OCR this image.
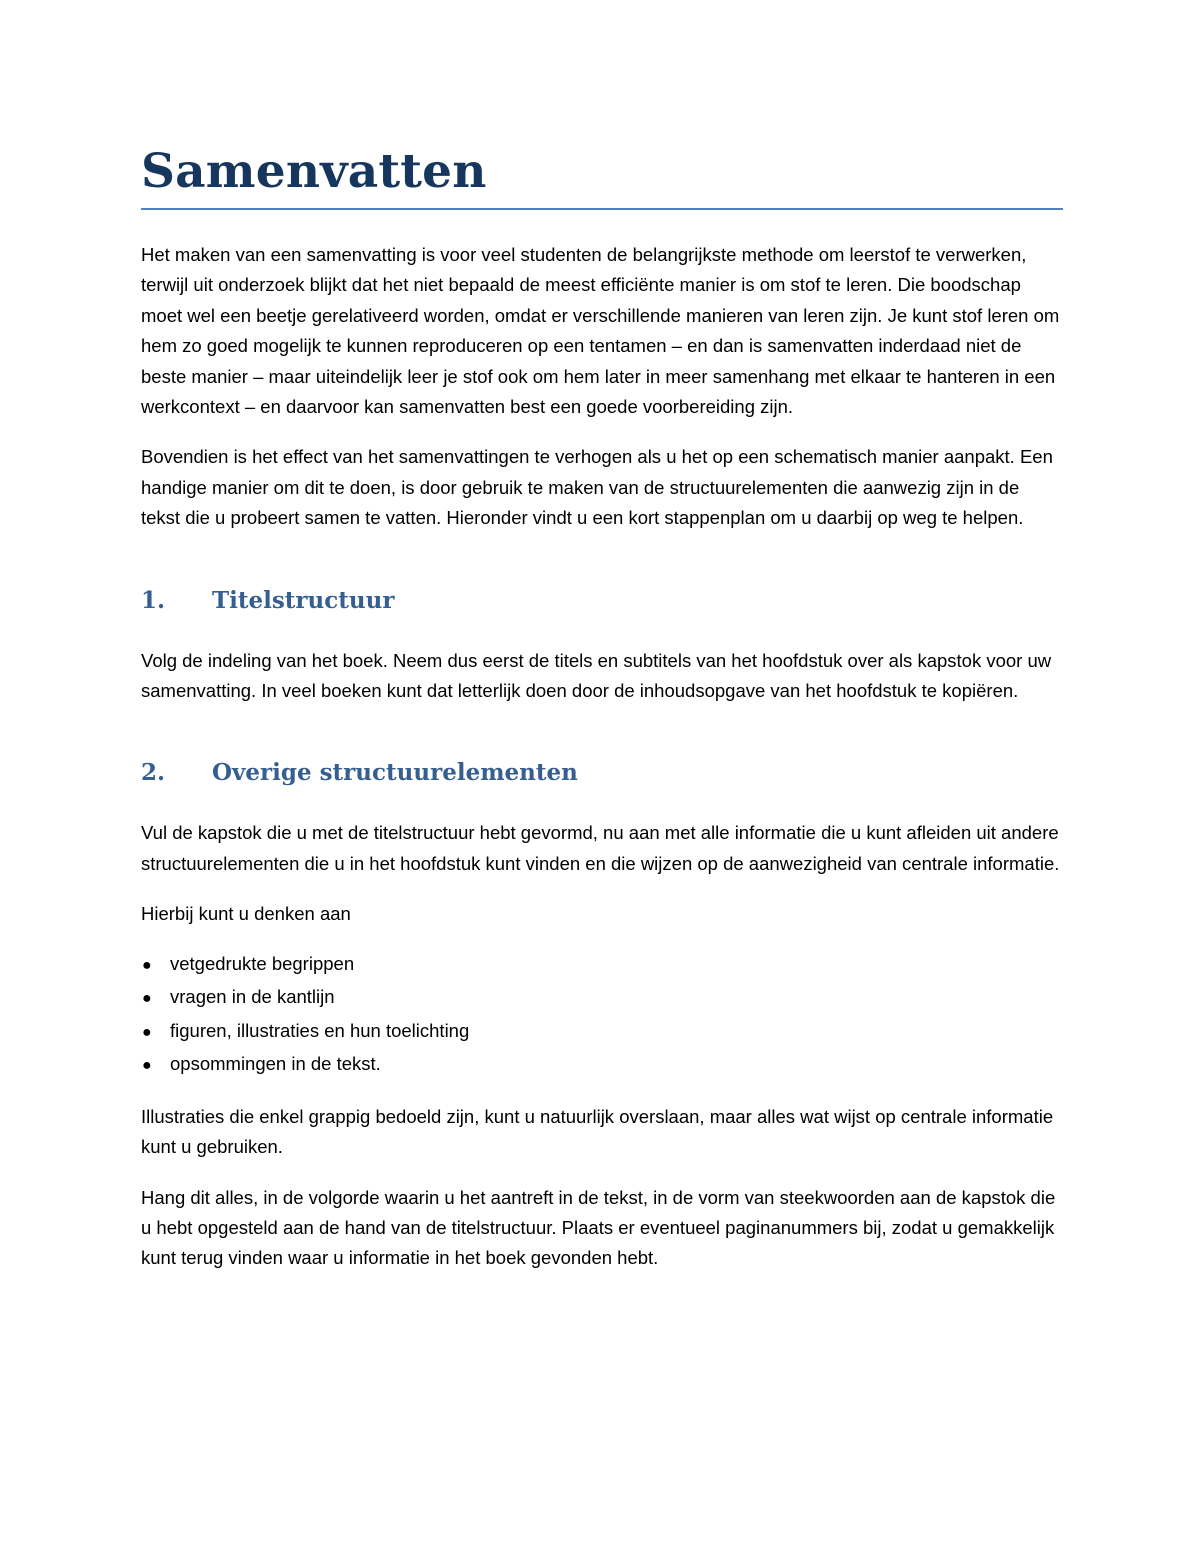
Samenvatten

Het maken van een samenvatting is voor veel studenten de belangrijkste methode om leerstof te verwerken, terwijl uit onderzoek blijkt dat het niet bepaald de meest efficiënte manier is om stof te leren. Die boodschap moet wel een beetje gerelativeerd worden, omdat er verschillende manieren van leren zijn. Je kunt stof leren om hem zo goed mogelijk te kunnen reproduceren op een tentamen – en dan is samenvatten inderdaad niet de beste manier – maar uiteindelijk leer je stof ook om hem later in meer samenhang met elkaar te hanteren in een werkcontext – en daarvoor kan samenvatten best een goede voorbereiding zijn.

Bovendien is het effect van het samenvattingen te verhogen als u het op een schematisch manier aanpakt. Een handige manier om dit te doen, is door gebruik te maken van de structuurelementen die aanwezig zijn in de tekst die u probeert samen te vatten. Hieronder vindt u een kort stappenplan om u daarbij op weg te helpen.

1.	Titelstructuur

Volg de indeling van het boek. Neem dus eerst de titels en subtitels van het hoofdstuk over als kapstok voor uw samenvatting. In veel boeken kunt dat letterlijk doen door de inhoudsopgave van het hoofdstuk te kopiëren.

2.	Overige structuurelementen

Vul de kapstok die u met de titelstructuur hebt gevormd, nu aan met alle informatie die u kunt afleiden uit andere structuurelementen die u in het hoofdstuk kunt vinden en die wijzen op de aanwezigheid van centrale informatie.

Hierbij kunt u denken aan

● vetgedrukte begrippen
● vragen in de kantlijn
● figuren, illustraties en hun toelichting
● opsommingen in de tekst.

Illustraties die enkel grappig bedoeld zijn, kunt u natuurlijk overslaan, maar alles wat wijst op centrale informatie kunt u gebruiken.

Hang dit alles, in de volgorde waarin u het aantreft in de tekst, in de vorm van steekwoorden aan de kapstok die u hebt opgesteld aan de hand van de titelstructuur. Plaats er eventueel paginanummers bij, zodat u gemakkelijk kunt terug vinden waar u informatie in het boek gevonden hebt.
